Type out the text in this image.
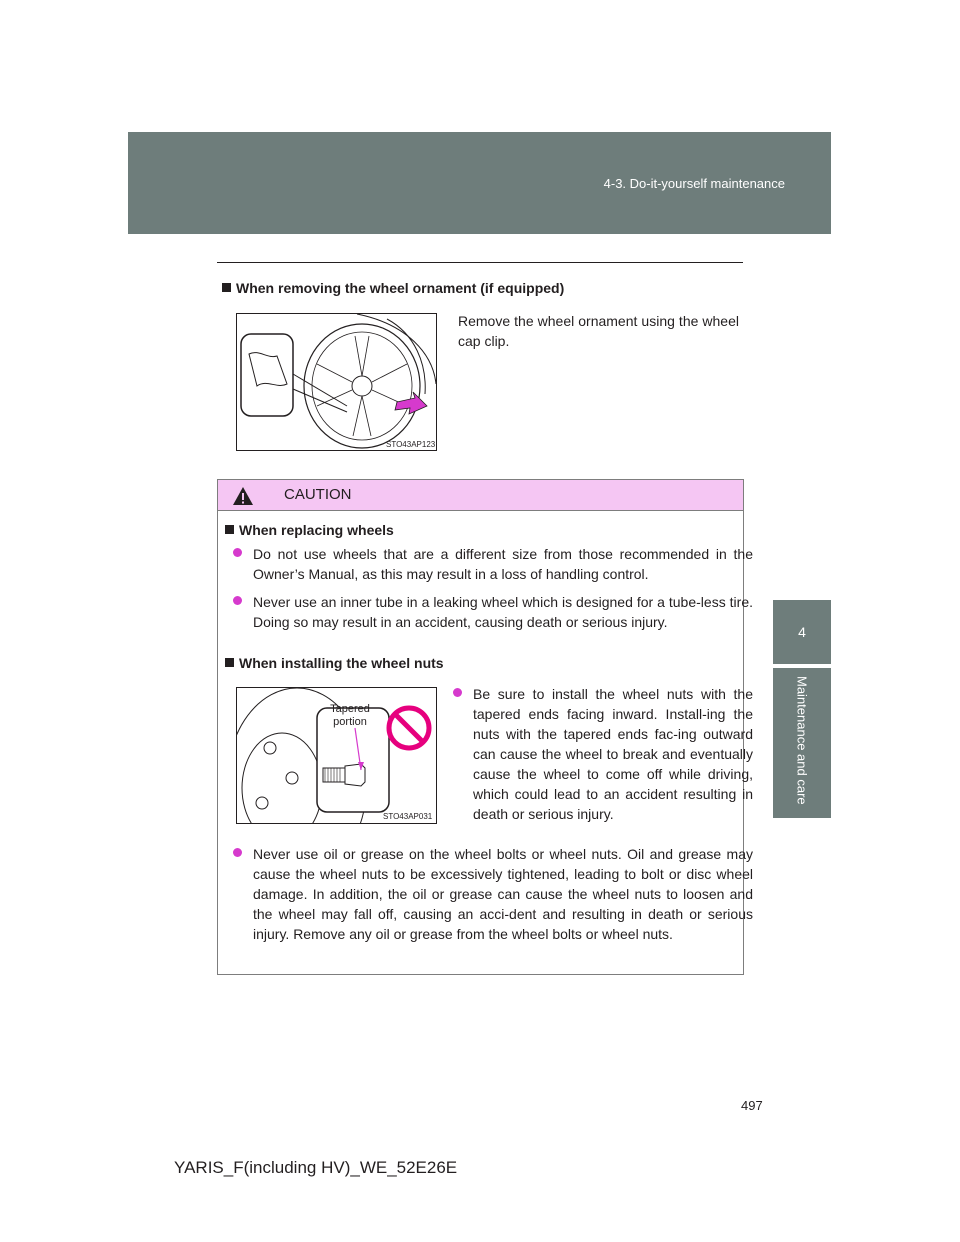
4-3. Do-it-yourself maintenance
4
Maintenance and care
When removing the wheel ornament (if equipped)
STO43AP123
Remove the wheel ornament using the wheel cap clip.
CAUTION
When replacing wheels
Do not use wheels that are a different size from those recommended in the Owner’s Manual, as this may result in a loss of handling control.
Never use an inner tube in a leaking wheel which is designed for a tube-less tire. Doing so may result in an accident, causing death or serious injury.
When installing the wheel nuts
Tapered portion
STO43AP031
Be sure to install the wheel nuts with the tapered ends facing inward. Install-ing the nuts with the tapered ends fac-ing outward can cause the wheel to break and eventually cause the wheel to come off while driving, which could lead to an accident resulting in death or serious injury.
Never use oil or grease on the wheel bolts or wheel nuts. Oil and grease may cause the wheel nuts to be excessively tightened, leading to bolt or disc wheel damage. In addition, the oil or grease can cause the wheel nuts to loosen and the wheel may fall off, causing an acci-dent and resulting in death or serious injury. Remove any oil or grease from the wheel bolts or wheel nuts.
497
YARIS_F(including HV)_WE_52E26E
